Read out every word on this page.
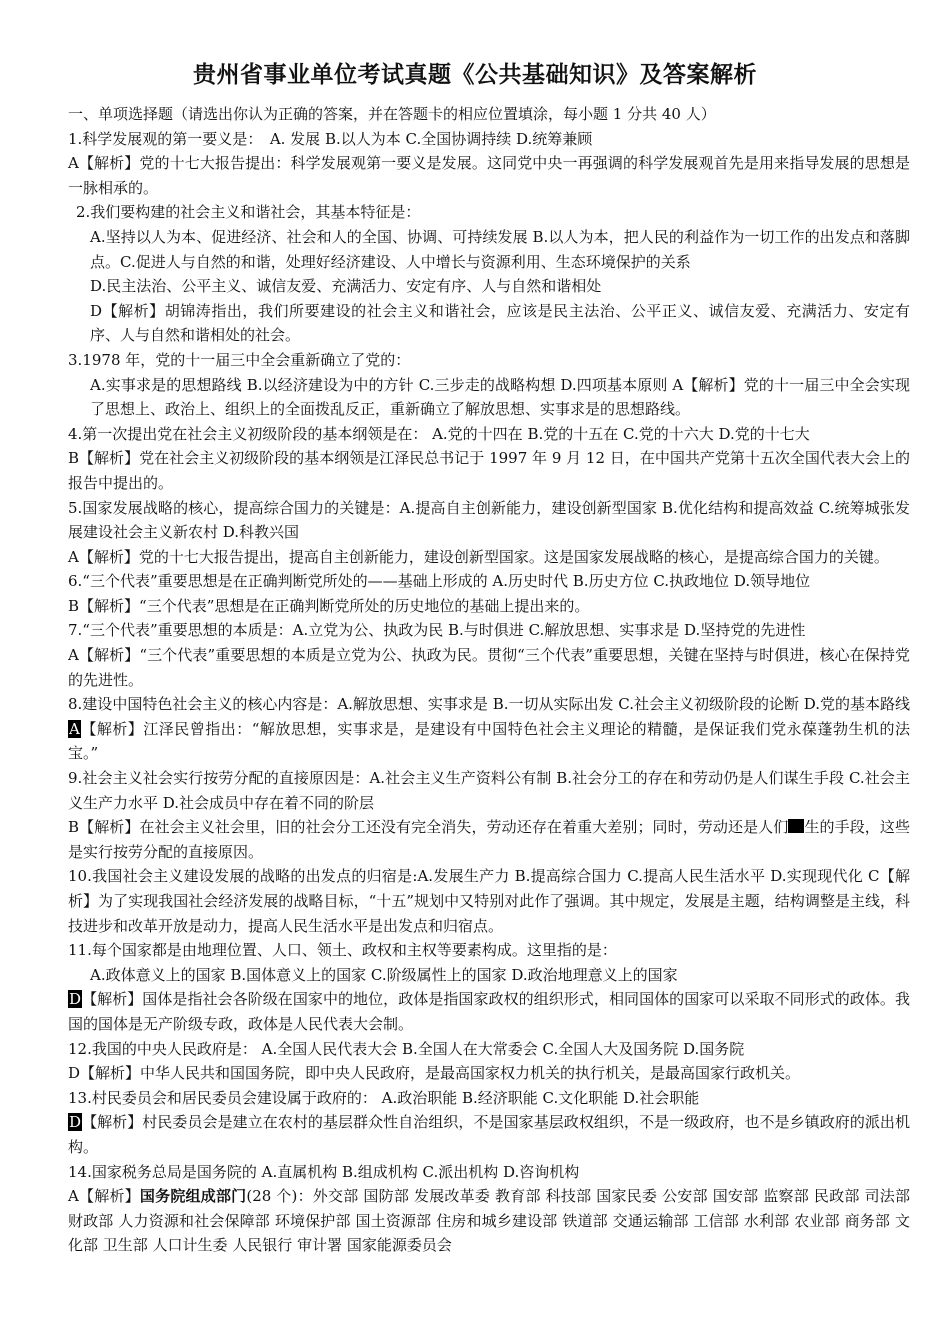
贵州省事业单位考试真题《公共基础知识》及答案解析

一、单项选择题（请选出你认为正确的答案，并在答题卡的相应位置填涂，每小题 1 分共 40 人）

1.科学发展观的第一要义是：　A. 发展 B.以人为本 C.全国协调持续 D.统筹兼顾

A【解析】党的十七大报告提出：科学发展观第一要义是发展。这同党中央一再强调的科学发展观首先是用来指导发展的思想是一脉相承的。

2.我们要构建的社会主义和谐社会，其基本特征是：

A.坚持以人为本、促进经济、社会和人的全国、协调、可持续发展 B.以人为本，把人民的利益作为一切工作的出发点和落脚点。C.促进人与自然的和谐，处理好经济建设、人中增长与资源利用、生态环境保护的关系

D.民主法治、公平主义、诚信友爱、充满活力、安定有序、人与自然和谐相处

D【解析】胡锦涛指出，我们所要建设的社会主义和谐社会，应该是民主法治、公平正义、诚信友爱、充满活力、安定有序、人与自然和谐相处的社会。

3.1978 年，党的十一届三中全会重新确立了党的：

A.实事求是的思想路线 B.以经济建设为中的方针 C.三步走的战略构想 D.四项基本原则 A【解析】党的十一届三中全会实现了思想上、政治上、组织上的全面拨乱反正，重新确立了解放思想、实事求是的思想路线。

4.第一次提出党在社会主义初级阶段的基本纲领是在： A.党的十四在 B.党的十五在 C.党的十六大 D.党的十七大

B【解析】党在社会主义初级阶段的基本纲领是江泽民总书记于 1997 年 9 月 12 日，在中国共产党第十五次全国代表大会上的报告中提出的。

5.国家发展战略的核心，提高综合国力的关键是：A.提高自主创新能力，建设创新型国家 B.优化结构和提高效益 C.统筹城张发展建设社会主义新农村 D.科教兴国

A【解析】党的十七大报告提出，提高自主创新能力，建设创新型国家。这是国家发展战略的核心，是提高综合国力的关键。

6.“三个代表”重要思想是在正确判断党所处的——基础上形成的 A.历史时代 B.历史方位 C.执政地位 D.领导地位

B【解析】“三个代表”思想是在正确判断党所处的历史地位的基础上提出来的。

7.“三个代表”重要思想的本质是：A.立党为公、执政为民 B.与时俱进 C.解放思想、实事求是 D.坚持党的先进性

A【解析】“三个代表”重要思想的本质是立党为公、执政为民。贯彻“三个代表”重要思想，关键在坚持与时俱进，核心在保持党的先进性。

8.建设中国特色社会主义的核心内容是：A.解放思想、实事求是 B.一切从实际出发 C.社会主义初级阶段的论断 D.党的基本路线 A【解析】江泽民曾指出：“解放思想，实事求是，是建设有中国特色社会主义理论的精髓，是保证我们党永葆蓬勃生机的法宝。”

9.社会主义社会实行按劳分配的直接原因是：A.社会主义生产资料公有制 B.社会分工的存在和劳动仍是人们谋生手段 C.社会主义生产力水平 D.社会成员中存在着不同的阶层

B【解析】在社会主义社会里，旧的社会分工还没有完全消失，劳动还存在着重大差别；同时，劳动还是人们 生的手段，这些是实行按劳分配的直接原因。

10.我国社会主义建设发展的战略的出发点的归宿是:A.发展生产力 B.提高综合国力 C.提高人民生活水平 D.实现现代化 C【解析】为了实现我国社会经济发展的战略目标，“十五”规划中又特别对此作了强调。其中规定，发展是主题，结构调整是主线，科技进步和改革开放是动力，提高人民生活水平是出发点和归宿点。

11.每个国家都是由地理位置、人口、领土、政权和主权等要素构成。这里指的是：

A.政体意义上的国家 B.国体意义上的国家 C.阶级属性上的国家 D.政治地理意义上的国家

D【解析】国体是指社会各阶级在国家中的地位，政体是指国家政权的组织形式，相同国体的国家可以采取不同形式的政体。我国的国体是无产阶级专政，政体是人民代表大会制。

12.我国的中央人民政府是： A.全国人民代表大会 B.全国人在大常委会 C.全国人大及国务院 D.国务院

D【解析】中华人民共和国国务院，即中央人民政府，是最高国家权力机关的执行机关，是最高国家行政机关。

13.村民委员会和居民委员会建设属于政府的： A.政治职能 B.经济职能 C.文化职能 D.社会职能

D【解析】村民委员会是建立在农村的基层群众性自治组织，不是国家基层政权组织，不是一级政府，也不是乡镇政府的派出机构。

14.国家税务总局是国务院的 A.直属机构 B.组成机构 C.派出机构 D.咨询机构

A【解析】国务院组成部门(28 个)：外交部 国防部 发展改革委 教育部 科技部 国家民委 公安部 国安部 监察部 民政部 司法部 财政部 人力资源和社会保障部 环境保护部 国土资源部 住房和城乡建设部 铁道部 交通运输部 工信部 水利部 农业部 商务部 文化部 卫生部 人口计生委 人民银行 审计署 国家能源委员会
